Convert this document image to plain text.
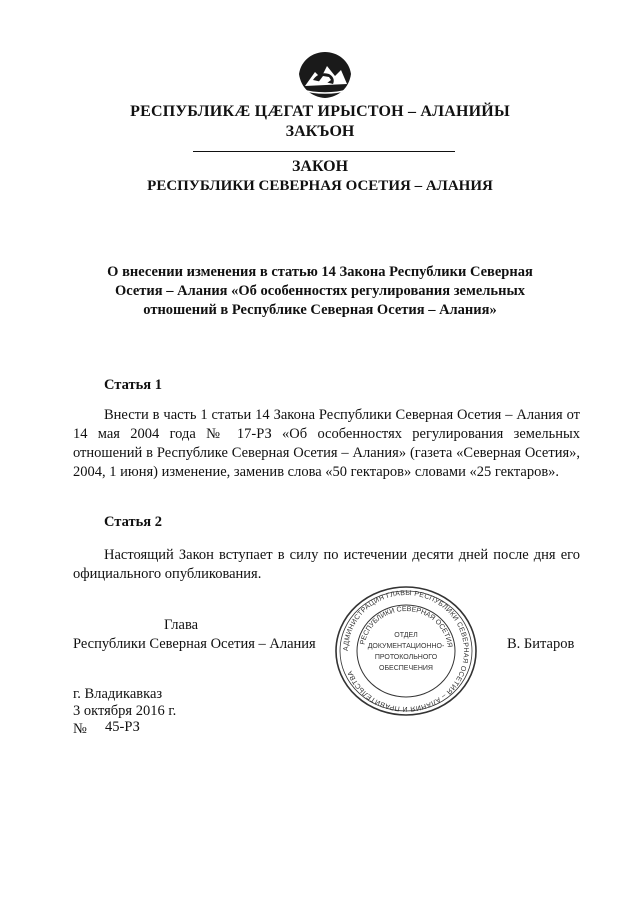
РЕСПУБЛИКÆ ЦÆГАТ ИРЫСТОН – АЛАНИЙЫ
ЗАКЪОН
ЗАКОН
РЕСПУБЛИКИ СЕВЕРНАЯ ОСЕТИЯ – АЛАНИЯ
О внесении изменения в статью 14 Закона Республики Северная Осетия – Алания «Об особенностях регулирования земельных отношений в Республике Северная Осетия – Алания»
Статья 1
Внести в часть 1 статьи 14 Закона Республики Северная Осетия – Алания от 14 мая 2004 года № 17-РЗ «Об особенностях регулирования земельных отношений в Республике Северная Осетия – Алания» (газета «Северная Осетия», 2004, 1 июня) изменение, заменив слова «50 гектаров» словами «25 гектаров».
Статья 2
Настоящий Закон вступает в силу по истечении десяти дней после дня его официального опубликования.
Глава
Республики Северная Осетия – Алания	В. Битаров
АДМИНИСТРАЦИЯ ГЛАВЫ РЕСПУБЛИКИ СЕВЕРНАЯ ОСЕТИЯ – АЛАНИЯ И ПРАВИТЕЛЬСТВА
РЕСПУБЛИКИ СЕВЕРНАЯ ОСЕТИЯ
ОТДЕЛ
ДОКУМЕНТАЦИОННО-
ПРОТОКОЛЬНОГО
ОБЕСПЕЧЕНИЯ
г. Владикавказ
3 октября 2016 г.
№ 45-РЗ
